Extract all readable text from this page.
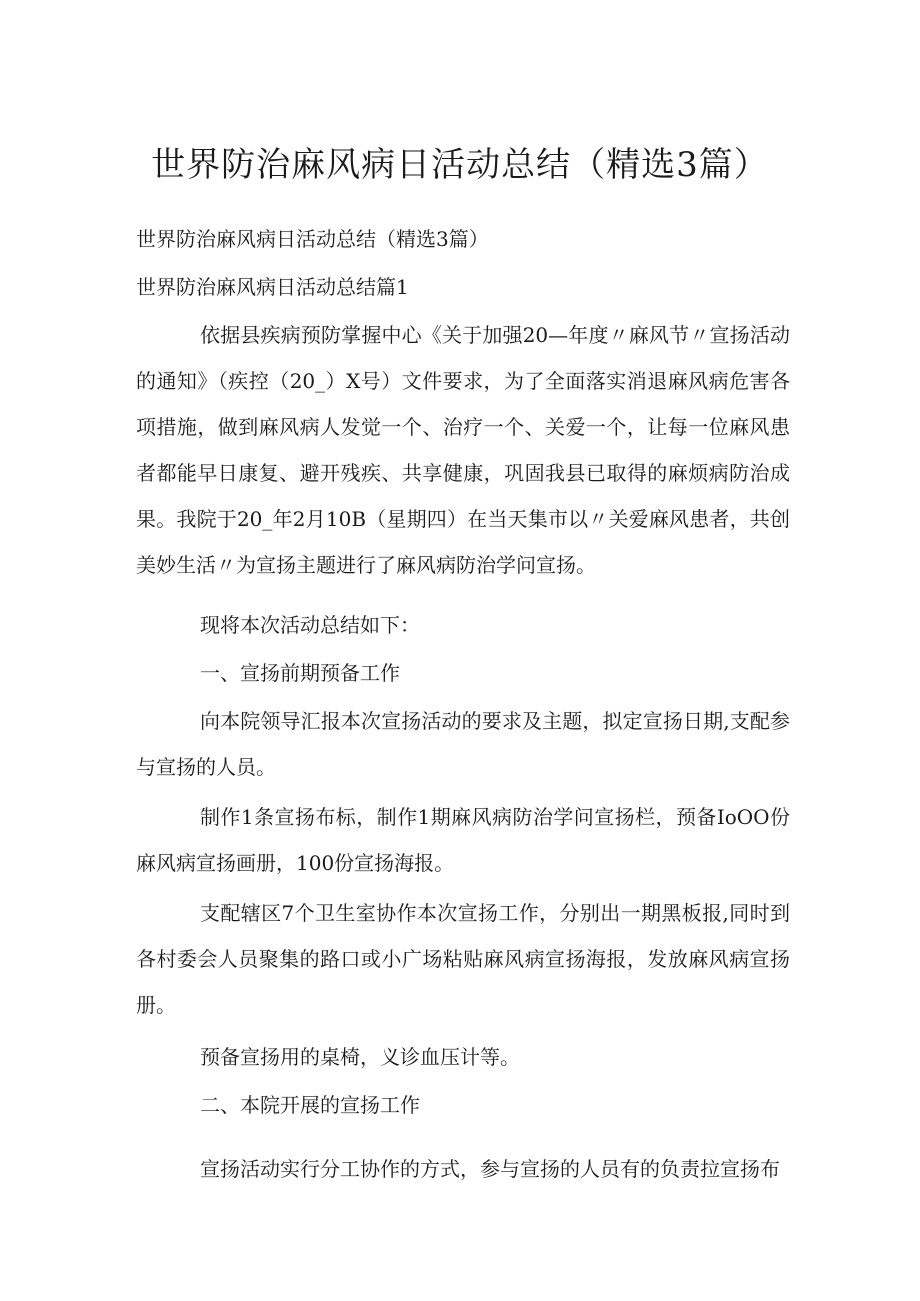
世界防治麻风病日活动总结（精选3篇）
世界防治麻风病日活动总结（精选3篇）
世界防治麻风病日活动总结篇1

依据县疾病预防掌握中心《关于加强20—年度〃麻风节〃宣扬活动的通知》（疾控（20_）X号）文件要求，为了全面落实消退麻风病危害各项措施，做到麻风病人发觉一个、治疗一个、关爱一个，让每一位麻风患者都能早日康复、避开残疾、共享健康，巩固我县已取得的麻烦病防治成果。我院于20_年2月10B（星期四）在当天集市以〃关爱麻风患者，共创美妙生活〃为宣扬主题进行了麻风病防治学问宣扬。

现将本次活动总结如下：
一、宣扬前期预备工作

向本院领导汇报本次宣扬活动的要求及主题，拟定宣扬日期,支配参与宣扬的人员。

制作1条宣扬布标，制作1期麻风病防治学问宣扬栏，预备IoOO份麻风病宣扬画册，100份宣扬海报。

支配辖区7个卫生室协作本次宣扬工作，分别出一期黑板报,同时到各村委会人员聚集的路口或小广场粘贴麻风病宣扬海报，发放麻风病宣扬册。

预备宣扬用的桌椅，义诊血压计等。
二、本院开展的宣扬工作

宣扬活动实行分工协作的方式，参与宣扬的人员有的负责拉宣扬布
